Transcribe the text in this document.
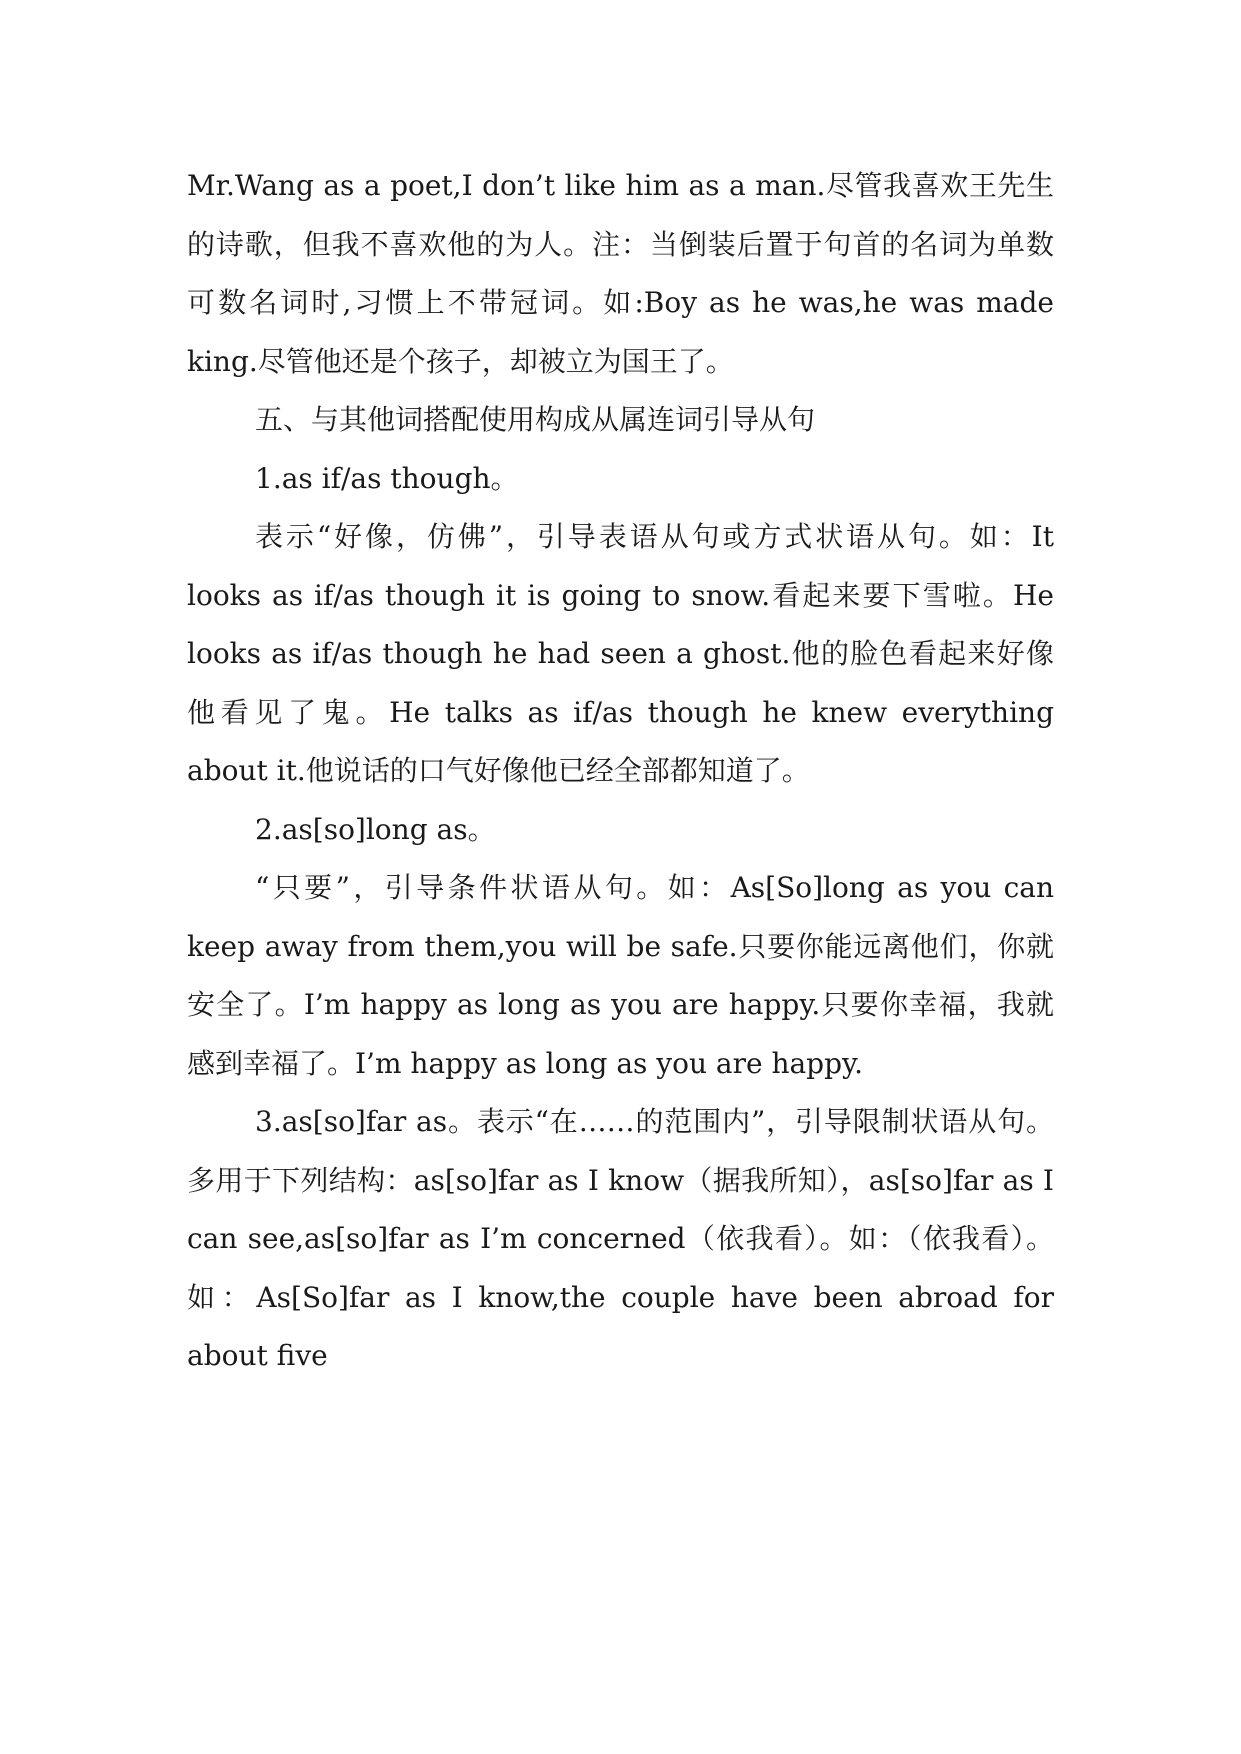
Mr.Wang as a poet,I don’t like him as a man.尽管我喜欢王先生的诗歌，但我不喜欢他的为人。注：当倒装后置于句首的名词为单数可数名词时,习惯上不带冠词。如:Boy as he was,he was made king.尽管他还是个孩子，却被立为国王了。

五、与其他词搭配使用构成从属连词引导从句

1.as if/as though。

表示“好像，仿佛”，引导表语从句或方式状语从句。如：It looks as if/as though it is going to snow.看起来要下雪啦。He looks as if/as though he had seen a ghost.他的脸色看起来好像他看见了鬼。He talks as if/as though he knew everything about it.他说话的口气好像他已经全部都知道了。

2.as[so]long as。

“只要”，引导条件状语从句。如：As[So]long as you can keep away from them,you will be safe.只要你能远离他们，你就安全了。I’m happy as long as you are happy.只要你幸福，我就感到幸福了。I’m happy as long as you are happy.

3.as[so]far as。表示“在……的范围内”，引导限制状语从句。多用于下列结构：as[so]far as I know（据我所知），as[so]far as I can see,as[so]far as I’m concerned（依我看）。如：（依我看）。如：As[So]far as I know,the couple have been abroad for about five
